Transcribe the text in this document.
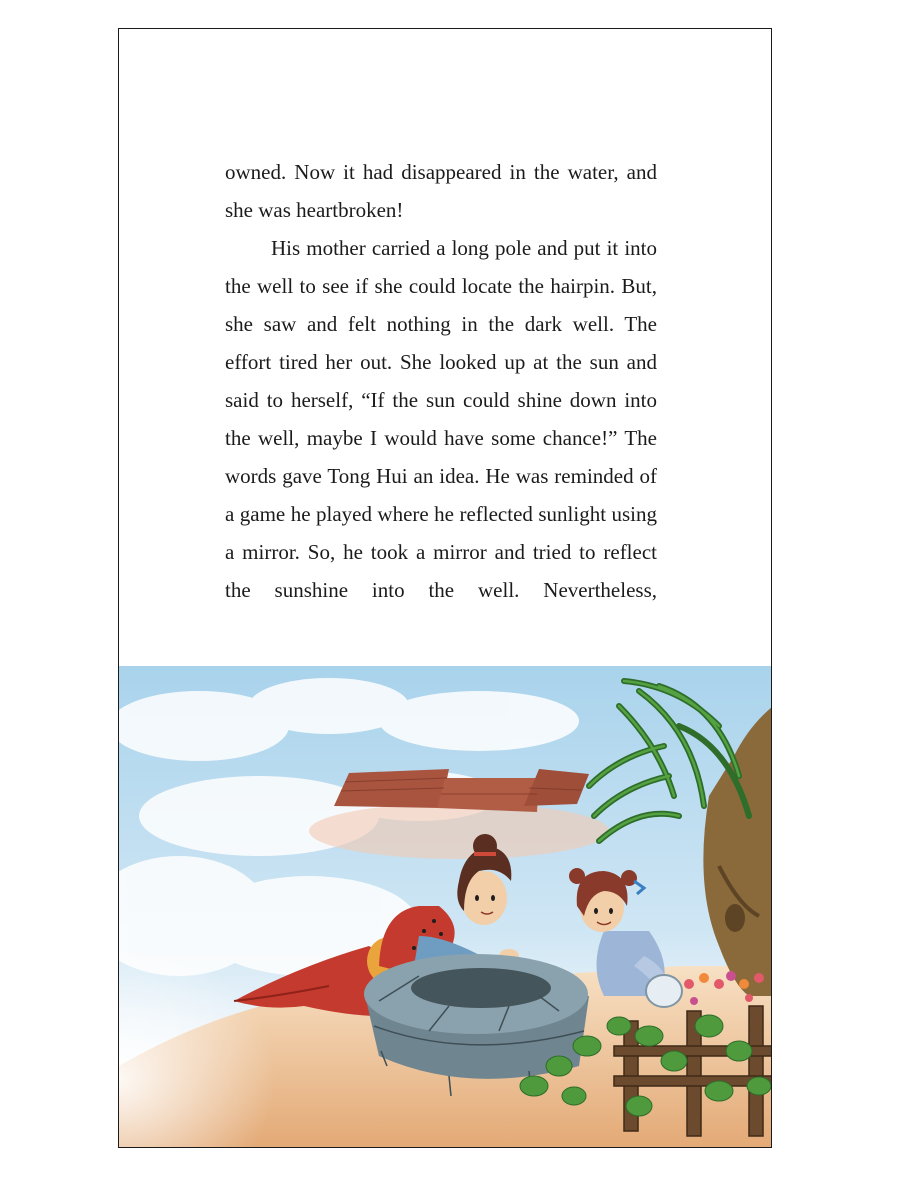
owned. Now it had disappeared in the water, and she was heartbroken!

His mother carried a long pole and put it into the well to see if she could locate the hairpin. But, she saw and felt nothing in the dark well. The effort tired her out. She looked up at the sun and said to herself, “If the sun could shine down into the well, maybe I would have some chance!” The words gave Tong Hui an idea. He was reminded of a game he played where he reflected sunlight using a mirror. So, he took a mirror and tried to reflect the sunshine into the well. Nevertheless,
